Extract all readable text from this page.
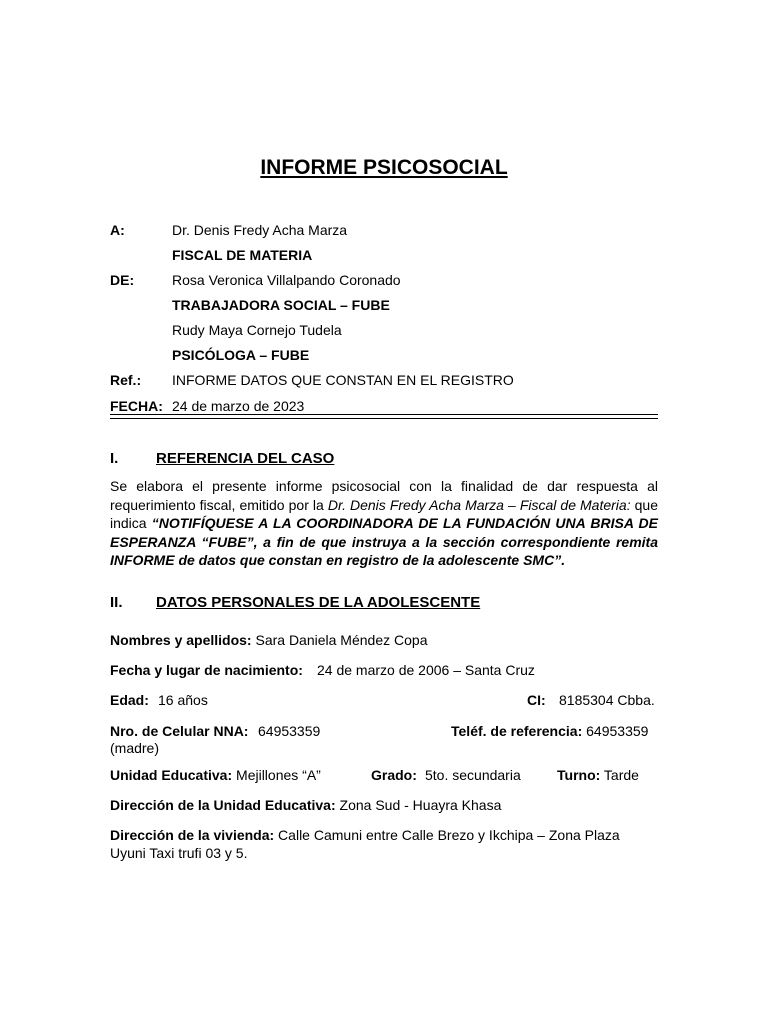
INFORME PSICOSOCIAL
A:	Dr. Denis Fredy Acha Marza
FISCAL DE MATERIA
DE:	Rosa Veronica Villalpando Coronado
TRABAJADORA SOCIAL – FUBE
Rudy Maya Cornejo Tudela
PSICÓLOGA – FUBE
Ref.: INFORME DATOS QUE CONSTAN EN EL REGISTRO
FECHA: 24 de marzo de 2023
I.	REFERENCIA DEL CASO
Se elabora el presente informe psicosocial con la finalidad de dar respuesta al requerimiento fiscal, emitido por la Dr. Denis Fredy Acha Marza – Fiscal de Materia: que indica “NOTIFÍQUESE A LA COORDINADORA DE LA FUNDACIÓN UNA BRISA DE ESPERANZA “FUBE”, a fin de que instruya a la sección correspondiente remita INFORME de datos que constan en registro de la adolescente SMC”.
II. DATOS PERSONALES DE LA ADOLESCENTE
Nombres y apellidos: Sara Daniela Méndez Copa
Fecha y lugar de nacimiento: 24 de marzo de 2006 – Santa Cruz
Edad: 16 años	CI: 8185304 Cbba.
Nro. de Celular NNA: 64953359	Teléf. de referencia: 64953359
(madre)
Unidad Educativa: Mejillones “A”	Grado: 5to. secundaria	Turno: Tarde
Dirección de la Unidad Educativa: Zona Sud - Huayra Khasa
Dirección de la vivienda: Calle Camuni entre Calle Brezo y Ikchipa – Zona Plaza
Uyuni Taxi trufi 03 y 5.
